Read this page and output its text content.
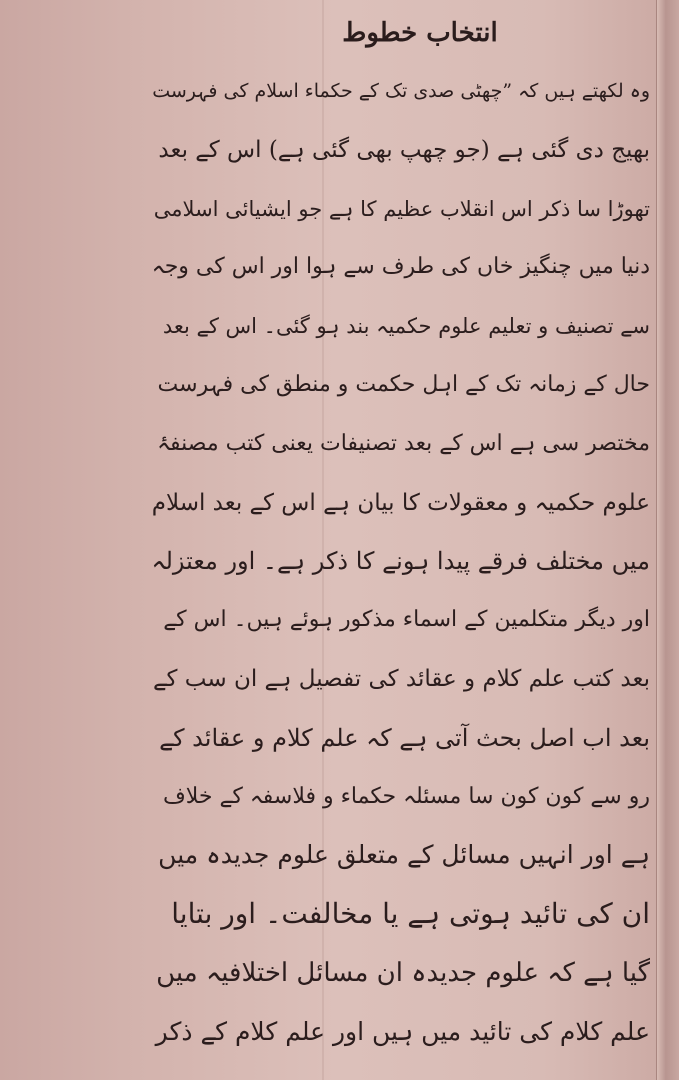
انتخاب خطوط
وہ لکھتے ہیں کہ ”چھٹی صدی تک کے حکماء اسلام کی فہرست
بھیج دی گئی ہے (جو چھپ بھی گئی ہے) اس کے بعد
تھوڑا سا ذکر اس انقلاب عظیم کا ہے جو ایشیائی اسلامی
دنیا میں چنگیز خاں کی طرف سے ہوا اور اس کی وجہ
سے تصنیف و تعلیم علوم حکمیہ بند ہو گئی۔ اس کے بعد
حال کے زمانہ تک کے اہل حکمت و منطق کی فہرست
مختصر سی ہے اس کے بعد تصنیفات یعنی کتب مصنفۂ
علوم حکمیہ و معقولات کا بیان ہے اس کے بعد اسلام
میں مختلف فرقے پیدا ہونے کا ذکر ہے۔ اور معتزلہ
اور دیگر متکلمین کے اسماء مذکور ہوئے ہیں۔ اس کے
بعد کتب علم کلام و عقائد کی تفصیل ہے ان سب کے
بعد اب اصل بحث آتی ہے کہ علم کلام و عقائد کے
رو سے کون کون سا مسئلہ حکماء و فلاسفہ کے خلاف
ہے اور انہیں مسائل کے متعلق علوم جدیدہ میں
ان کی تائید ہوتی ہے یا مخالفت۔ اور بتایا
گیا ہے کہ علوم جدیدہ ان مسائل اختلافیہ میں
علم کلام کی تائید میں ہیں اور علم کلام کے ذکر
